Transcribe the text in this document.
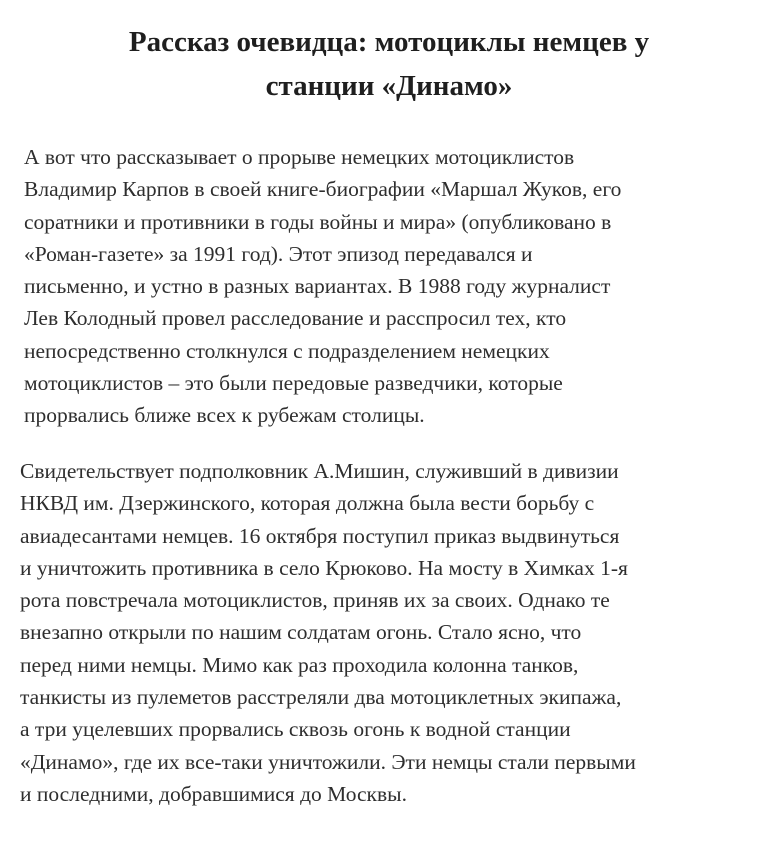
Рассказ очевидца: мотоциклы немцев у
станции «Динамо»

А вот что рассказывает о прорыве немецких мотоциклистов
Владимир Карпов в своей книге-биографии «Маршал Жуков, его
соратники и противники в годы войны и мира» (опубликовано в
«Роман-газете» за 1991 год). Этот эпизод передавался и
письменно, и устно в разных вариантах. В 1988 году журналист
Лев Колодный провел расследование и расспросил тех, кто
непосредственно столкнулся с подразделением немецких
мотоциклистов – это были передовые разведчики, которые
прорвались ближе всех к рубежам столицы.

Свидетельствует подполковник А.Мишин, служивший в дивизии
НКВД им. Дзержинского, которая должна была вести борьбу с
авиадесантами немцев. 16 октября поступил приказ выдвинуться
и уничтожить противника в село Крюково. На мосту в Химках 1-я
рота повстречала мотоциклистов, приняв их за своих. Однако те
внезапно открыли по нашим солдатам огонь. Стало ясно, что
перед ними немцы. Мимо как раз проходила колонна танков,
танкисты из пулеметов расстреляли два мотоциклетных экипажа,
а три уцелевших прорвались сквозь огонь к водной станции
«Динамо», где их все-таки уничтожили. Эти немцы стали первыми
и последними, добравшимися до Москвы.
